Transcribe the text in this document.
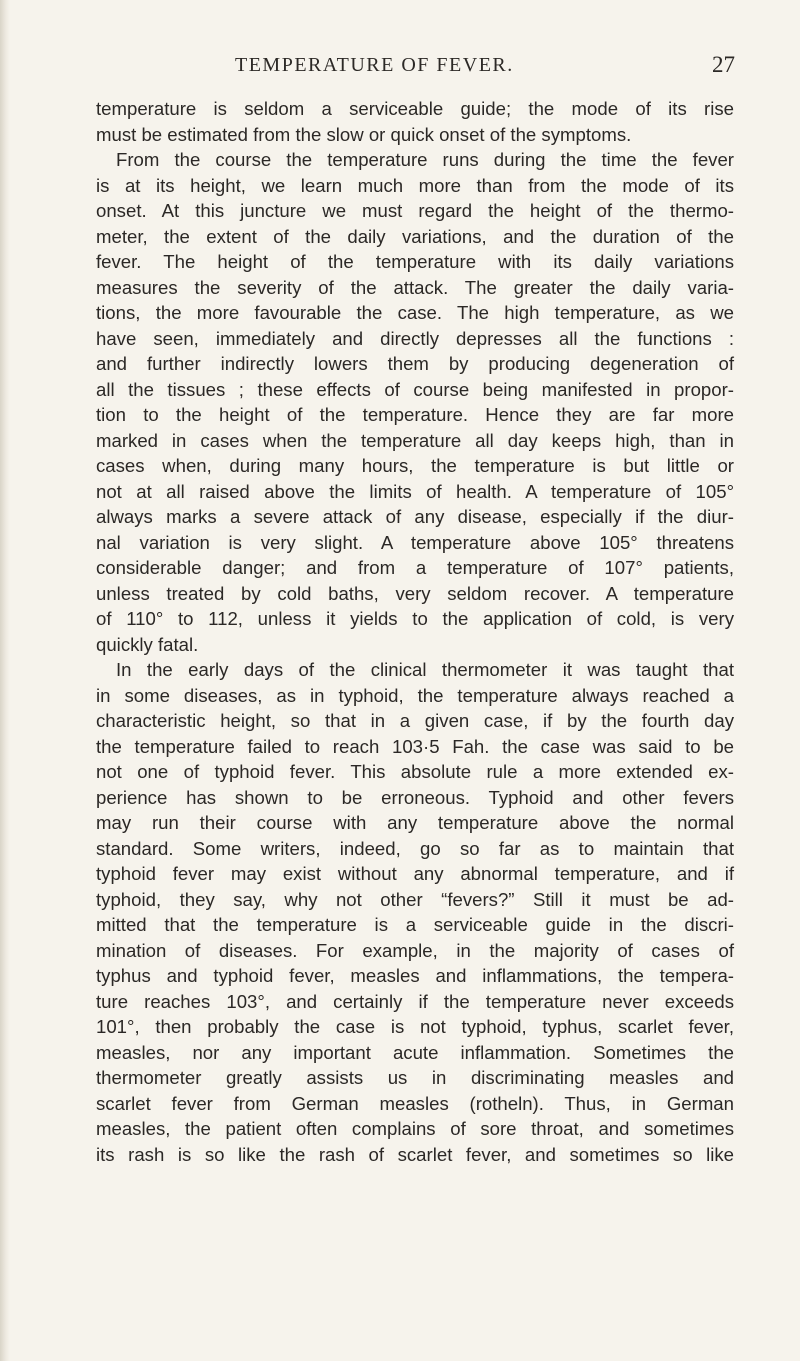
TEMPERATURE OF FEVER.	27
temperature is seldom a serviceable guide; the mode of its rise
must be estimated from the slow or quick onset of the symptoms.
From the course the temperature runs during the time the fever
is at its height, we learn much more than from the mode of its
onset. At this juncture we must regard the height of the thermo-
meter, the extent of the daily variations, and the duration of the
fever. The height of the temperature with its daily variations
measures the severity of the attack. The greater the daily varia-
tions, the more favourable the case. The high temperature, as we
have seen, immediately and directly depresses all the functions :
and further indirectly lowers them by producing degeneration of
all the tissues ; these effects of course being manifested in propor-
tion to the height of the temperature. Hence they are far more
marked in cases when the temperature all day keeps high, than in
cases when, during many hours, the temperature is but little or
not at all raised above the limits of health. A temperature of 105°
always marks a severe attack of any disease, especially if the diur-
nal variation is very slight. A temperature above 105° threatens
considerable danger; and from a temperature of 107° patients,
unless treated by cold baths, very seldom recover. A temperature
of 110° to 112, unless it yields to the application of cold, is very
quickly fatal.
In the early days of the clinical thermometer it was taught that
in some diseases, as in typhoid, the temperature always reached a
characteristic height, so that in a given case, if by the fourth day
the temperature failed to reach 103·5 Fah. the case was said to be
not one of typhoid fever. This absolute rule a more extended ex-
perience has shown to be erroneous. Typhoid and other fevers
may run their course with any temperature above the normal
standard. Some writers, indeed, go so far as to maintain that
typhoid fever may exist without any abnormal temperature, and if
typhoid, they say, why not other “fevers?” Still it must be ad-
mitted that the temperature is a serviceable guide in the discri-
mination of diseases. For example, in the majority of cases of
typhus and typhoid fever, measles and inflammations, the tempera-
ture reaches 103°, and certainly if the temperature never exceeds
101°, then probably the case is not typhoid, typhus, scarlet fever,
measles, nor any important acute inflammation. Sometimes the
thermometer greatly assists us in discriminating measles and
scarlet fever from German measles (rotheln). Thus, in German
measles, the patient often complains of sore throat, and sometimes
its rash is so like the rash of scarlet fever, and sometimes so like
